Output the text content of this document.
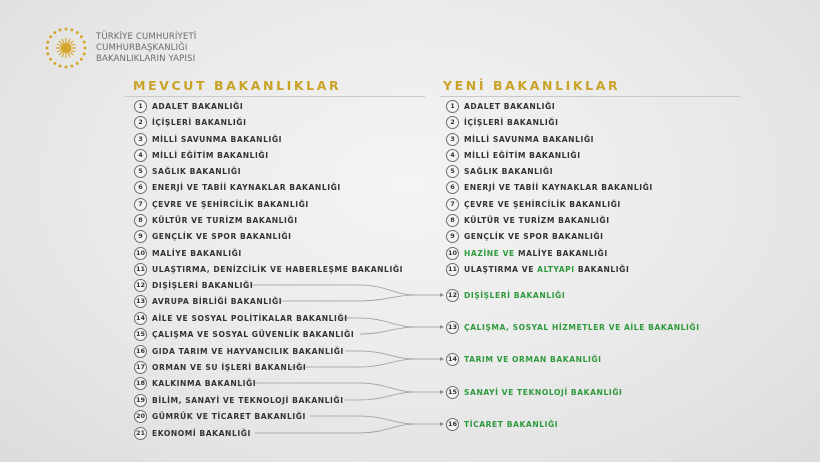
TÜRKİYE CUMHURİYETİ
CUMHURBAŞKANLIĞI
BAKANLIKLARIN YAPISI
MEVCUT BAKANLIKLAR	YENİ BAKANLIKLAR
1	ADALET BAKANLIĞI
2	İÇİŞLERİ BAKANLIĞI
3	MİLLİ SAVUNMA BAKANLIĞI
4	MİLLİ EĞİTİM BAKANLIĞI
5	SAĞLIK BAKANLIĞI
6	ENERJİ VE TABİİ KAYNAKLAR BAKANLIĞI
7	ÇEVRE VE ŞEHİRCİLİK BAKANLIĞI
8	KÜLTÜR VE TURİZM BAKANLIĞI
9	GENÇLİK VE SPOR BAKANLIĞI
10 MALİYE BAKANLIĞI
11 ULAŞTIRMA, DENİZCİLİK VE HABERLEŞME BAKANLIĞI
12 DIŞİŞLERİ BAKANLIĞI
13 AVRUPA BİRLİĞİ BAKANLIĞI
14 AİLE VE SOSYAL POLİTİKALAR BAKANLIĞI
15 ÇALIŞMA VE SOSYAL GÜVENLİK BAKANLIĞI
16 GIDA TARIM VE HAYVANCILIK BAKANLIĞI
17 ORMAN VE SU İŞLERİ BAKANLIĞI
18 KALKINMA BAKANLIĞI
19 BİLİM, SANAYİ VE TEKNOLOJİ BAKANLIĞI
20 GÜMRÜK VE TİCARET BAKANLIĞI
21 EKONOMİ BAKANLIĞI
1	ADALET BAKANLIĞI
2	İÇİŞLERİ BAKANLIĞI
3	MİLLİ SAVUNMA BAKANLIĞI
4	MİLLİ EĞİTİM BAKANLIĞI
5	SAĞLIK BAKANLIĞI
6	ENERJİ VE TABİİ KAYNAKLAR BAKANLIĞI
7	ÇEVRE VE ŞEHİRCİLİK BAKANLIĞI
8	KÜLTÜR VE TURİZM BAKANLIĞI
9	GENÇLİK VE SPOR BAKANLIĞI
10 HAZİNE VE MALİYE BAKANLIĞI
11 ULAŞTIRMA VE ALTYAPI BAKANLIĞI
12 DIŞİŞLERİ BAKANLIĞI
13 ÇALIŞMA, SOSYAL HİZMETLER VE AİLE BAKANLIĞI
14 TARIM VE ORMAN BAKANLIĞI
15 SANAYİ VE TEKNOLOJİ BAKANLIĞI
16 TİCARET BAKANLIĞI
